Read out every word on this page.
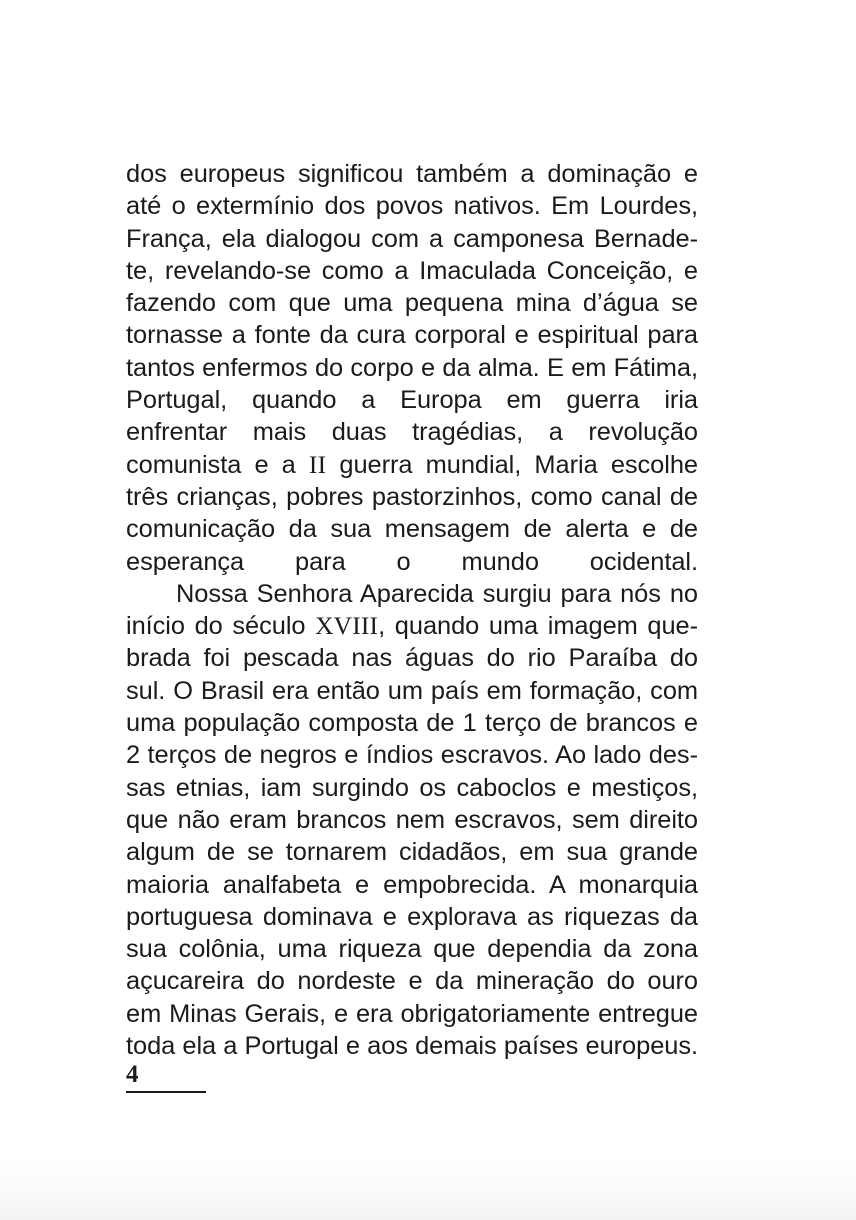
dos europeus significou também a dominação e até o extermínio dos povos nativos. Em Lourdes, França, ela dialogou com a camponesa Bernade-te, revelando-se como a Imaculada Conceição, e fazendo com que uma pequena mina d’água se tornasse a fonte da cura corporal e espiritual para tantos enfermos do corpo e da alma. E em Fátima, Portugal, quando a Europa em guerra iria enfrentar mais duas tragédias, a revolução comunista e a II guerra mundial, Maria escolhe três crianças, pobres pastorzinhos, como canal de comunicação da sua mensagem de alerta e de esperança para o mundo ocidental.

Nossa Senhora Aparecida surgiu para nós no início do século XVIII, quando uma imagem que-brada foi pescada nas águas do rio Paraíba do sul. O Brasil era então um país em formação, com uma população composta de 1 terço de brancos e 2 terços de negros e índios escravos. Ao lado des-sas etnias, iam surgindo os caboclos e mestiços, que não eram brancos nem escravos, sem direito algum de se tornarem cidadãos, em sua grande maioria analfabeta e empobrecida. A monarquia portuguesa dominava e explorava as riquezas da sua colônia, uma riqueza que dependia da zona açucareira do nordeste e da mineração do ouro em Minas Gerais, e era obrigatoriamente entregue toda ela a Portugal e aos demais países europeus.

4
